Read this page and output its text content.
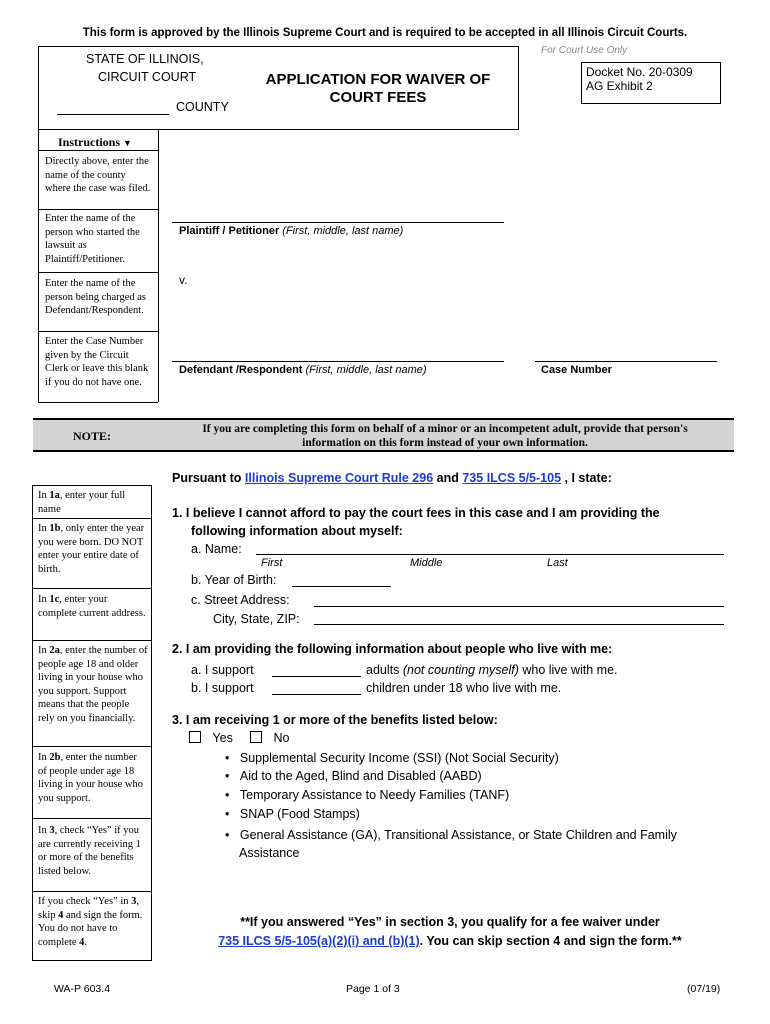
This form is approved by the Illinois Supreme Court and is required to be accepted in all Illinois Circuit Courts.
STATE OF ILLINOIS,
CIRCUIT COURT
COUNTY
APPLICATION FOR WAIVER OF
COURT FEES
For Court Use Only
Docket No. 20-0309
AG Exhibit 2
Instructions ▼
Directly above, enter the name of the county where the case was filed.
Enter the name of the person who started the lawsuit as Plaintiff/Petitioner.
Enter the name of the person being charged as Defendant/Respondent.
Enter the Case Number given by the Circuit Clerk or leave this blank if you do not have one.
Plaintiff / Petitioner (First, middle, last name)
v.
Defendant /Respondent (First, middle, last name)	Case Number
NOTE:	If you are completing this form on behalf of a minor or an incompetent adult, provide that person's
information on this form instead of your own information.
Pursuant to Illinois Supreme Court Rule 296 and 735 ILCS 5/5-105 , I state:
In 1a, enter your full name
In 1b, only enter the year you were born. DO NOT enter your entire date of birth.
In 1c, enter your complete current address.
In 2a, enter the number of people age 18 and older living in your house who you support. Support means that the people rely on you financially.
In 2b, enter the number of people under age 18 living in your house who you support.
In 3, check “Yes” if you are currently receiving 1 or more of the benefits listed below.
If you check “Yes” in 3, skip 4 and sign the form. You do not have to complete 4.
1. I believe I cannot afford to pay the court fees in this case and I am providing the
following information about myself:
a. Name:
First	Middle	Last
b. Year of Birth:
c. Street Address:
City, State, ZIP:
2. I am providing the following information about people who live with me:
a. I support	adults (not counting myself) who live with me.
b. I support	children under 18 who live with me.
3. I am receiving 1 or more of the benefits listed below:
Yes	No
• Supplemental Security Income (SSI) (Not Social Security)
• Aid to the Aged, Blind and Disabled (AABD)
• Temporary Assistance to Needy Families (TANF)
• SNAP (Food Stamps)
• General Assistance (GA), Transitional Assistance, or State Children and Family
Assistance
**If you answered “Yes” in section 3, you qualify for a fee waiver under
735 ILCS 5/5-105(a)(2)(i) and (b)(1). You can skip section 4 and sign the form.**
WA-P 603.4	Page 1 of 3	(07/19)
